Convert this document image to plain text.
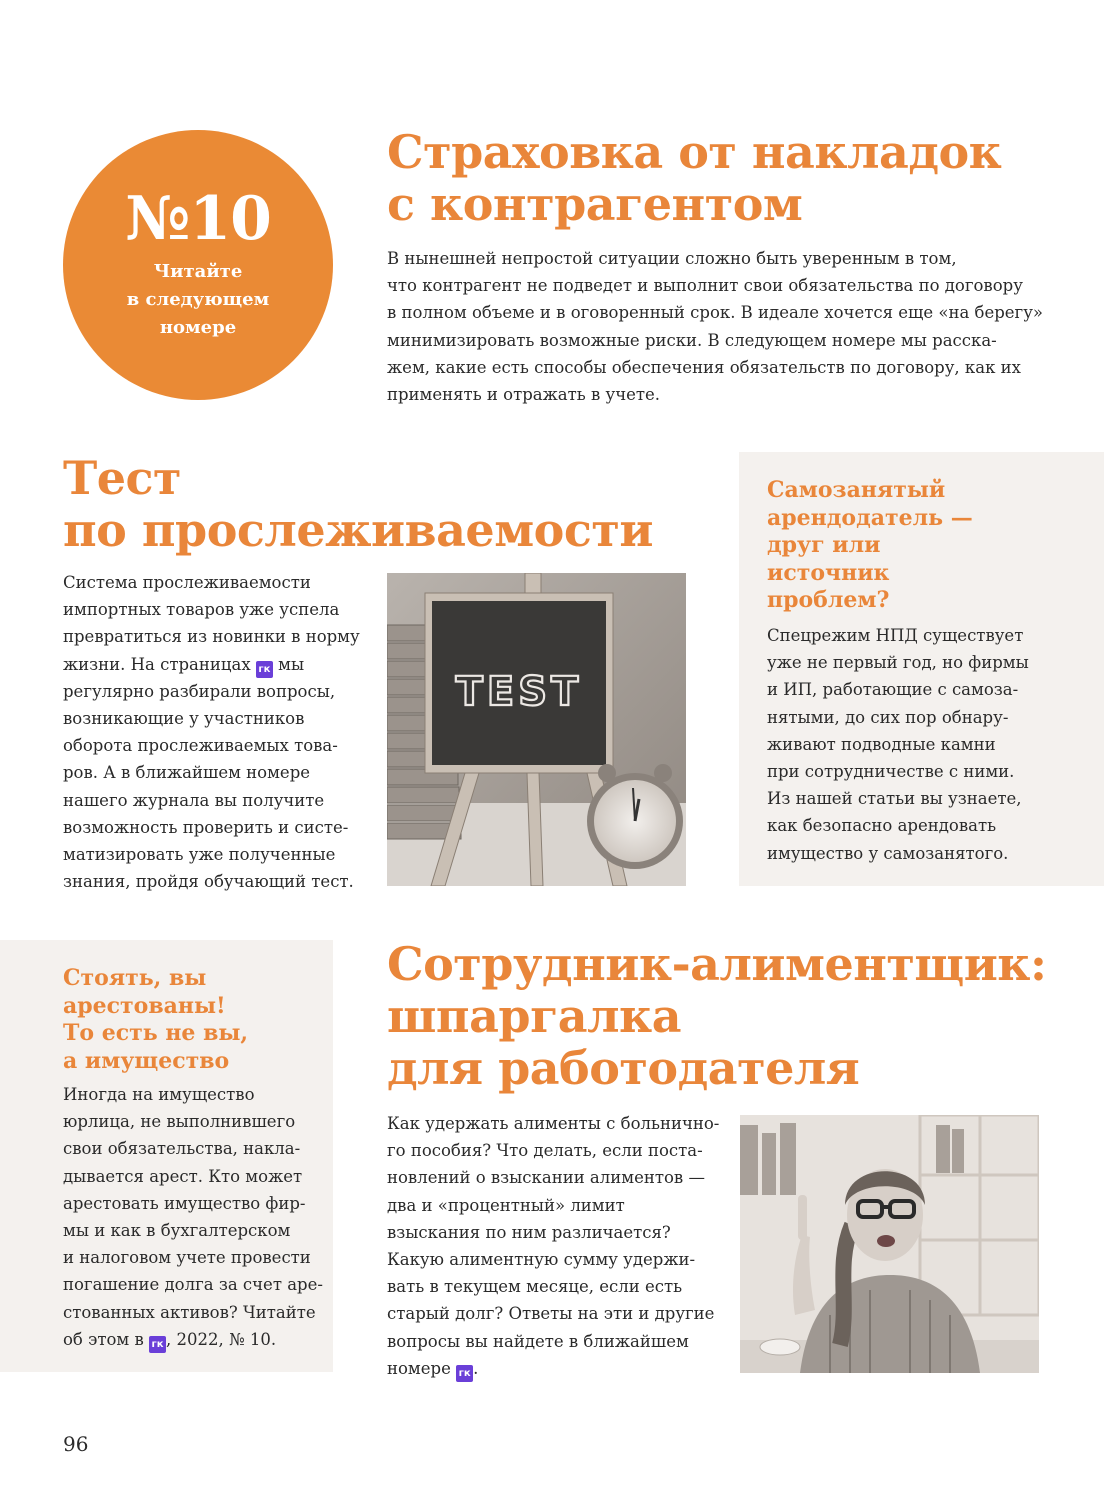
№10
Читайте
в следующем
номере
Страховка от накладок
с контрагентом
В нынешней непростой ситуации сложно быть уверенным в том,
что контрагент не подведет и выполнит свои обязательства по договору
в полном объеме и в оговоренный срок. В идеале хочется еще «на берегу»
минимизировать возможные риски. В следующем номере мы расска-
жем, какие есть способы обеспечения обязательств по договору, как их
применять и отражать в учете.
Тест
по прослеживаемости
Система прослеживаемости
импортных товаров уже успела
превратиться из новинки в норму
жизни. На страницах гк мы
регулярно разбирали вопросы,
возникающие у участников
оборота прослеживаемых това-
ров. А в ближайшем номере
нашего журнала вы получите
возможность проверить и систе-
матизировать уже полученные
знания, пройдя обучающий тест.
TEST
Самозанятый
арендодатель —
друг или
источник
проблем?
Спецрежим НПД существует
уже не первый год, но фирмы
и ИП, работающие с самоза-
нятыми, до сих пор обнару-
живают подводные камни
при сотрудничестве с ними.
Из нашей статьи вы узнаете,
как безопасно арендовать
имущество у самозанятого.
Стоять, вы
арестованы!
То есть не вы,
а имущество
Иногда на имущество
юрлица, не выполнившего
свои обязательства, накла-
дывается арест. Кто может
арестовать имущество фир-
мы и как в бухгалтерском
и налоговом учете провести
погашение долга за счет аре-
стованных активов? Читайте
об этом в гк , 2022, № 10.
Сотрудник-алиментщик:
шпаргалка
для работодателя
Как удержать алименты с больнично-
го пособия? Что делать, если поста-
новлений о взыскании алиментов —
два и «процентный» лимит
взыскания по ним различается?
Какую алиментную сумму удержи-
вать в текущем месяце, если есть
старый долг? Ответы на эти и другие
вопросы вы найдете в ближайшем
номере гк .
96
